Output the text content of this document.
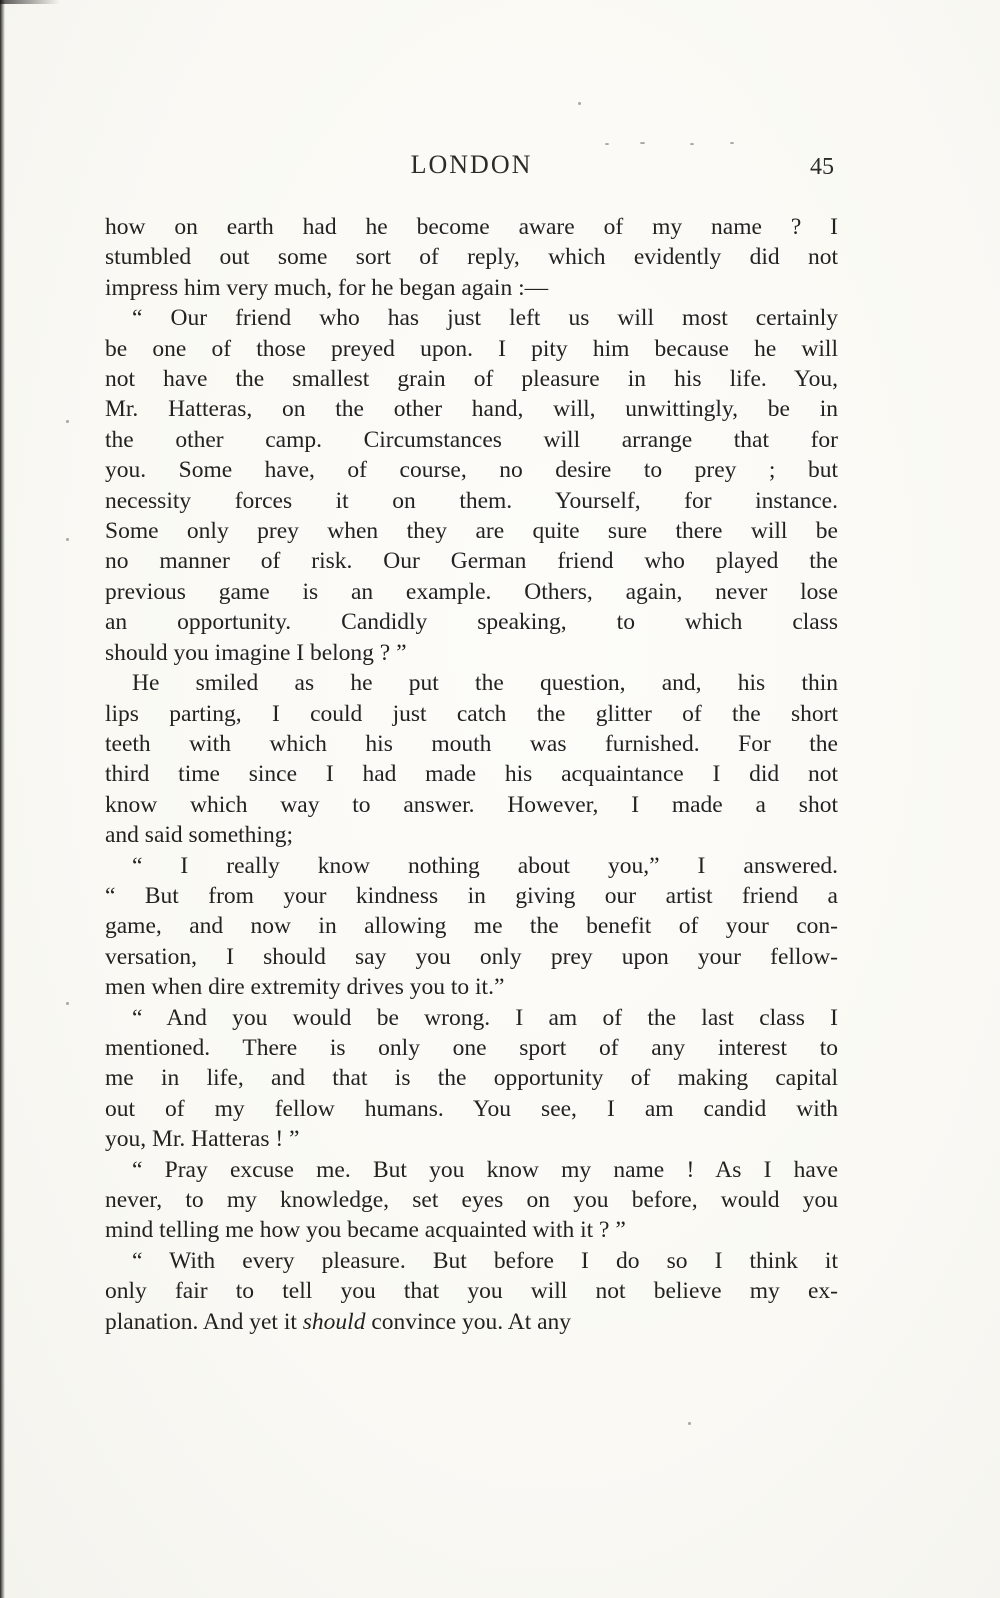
LONDON	45
how on earth had he become aware of my name ? I
stumbled out some sort of reply, which evidently did not
impress him very much, for he began again :—
“ Our friend who has just left us will most certainly
be one of those preyed upon. I pity him because he will
not have the smallest grain of pleasure in his life. You,
Mr. Hatteras, on the other hand, will, unwittingly, be in
the other camp. Circumstances will arrange that for
you. Some have, of course, no desire to prey ; but
necessity forces it on them. Yourself, for instance.
Some only prey when they are quite sure there will be
no manner of risk. Our German friend who played the
previous game is an example. Others, again, never lose
an opportunity. Candidly speaking, to which class
should you imagine I belong ? ”
He smiled as he put the question, and, his thin
lips parting, I could just catch the glitter of the short
teeth with which his mouth was furnished. For the
third time since I had made his acquaintance I did not
know which way to answer. However, I made a shot
and said something;
“ I really know nothing about you,” I answered.
“ But from your kindness in giving our artist friend a
game, and now in allowing me the benefit of your con-
versation, I should say you only prey upon your fellow-
men when dire extremity drives you to it.”
“ And you would be wrong. I am of the last class I
mentioned. There is only one sport of any interest to
me in life, and that is the opportunity of making capital
out of my fellow humans. You see, I am candid with
you, Mr. Hatteras ! ”
“ Pray excuse me. But you know my name ! As I have
never, to my knowledge, set eyes on you before, would you
mind telling me how you became acquainted with it ? ”
“ With every pleasure. But before I do so I think it
only fair to tell you that you will not believe my ex-
planation. And yet it should convince you. At any
